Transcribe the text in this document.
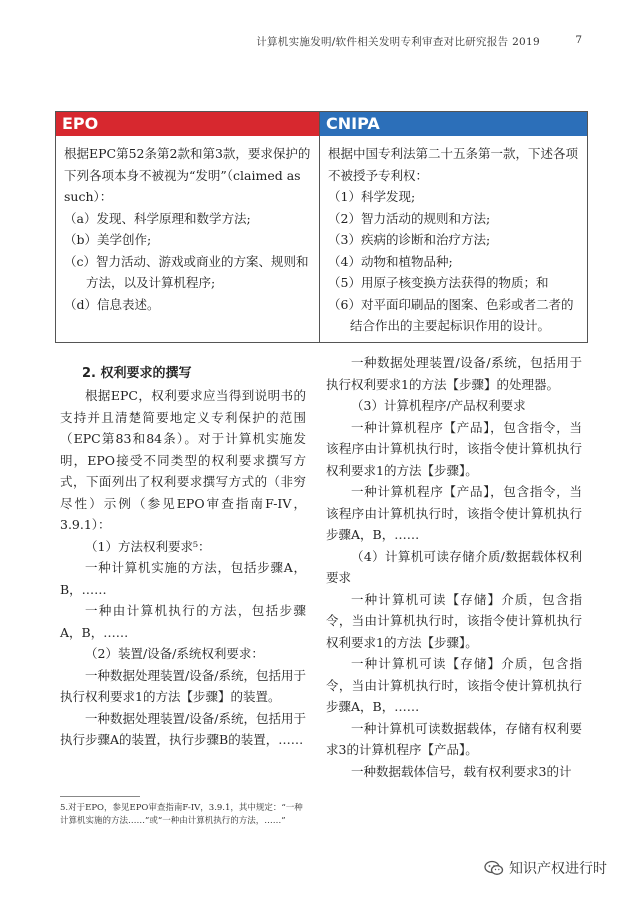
计算机实施发明/软件相关发明专利审查对比研究报告 2019	7
EPO

根据EPC第52条第2款和第3款，要求保护的下列各项本身不被视为“发明”（claimed as such）：

（a）发现、科学原理和数学方法;

（b）美学创作;

（c）智力活动、游戏或商业的方案、规则和方法，以及计算机程序;

（d）信息表述。

CNIPA

根据中国专利法第二十五条第一款，下述各项不被授予专利权：

（1）科学发现;

（2）智力活动的规则和方法;

（3）疾病的诊断和治疗方法;

（4）动物和植物品种;

（5）用原子核变换方法获得的物质；和

（6）对平面印刷品的图案、色彩或者二者的结合作出的主要起标识作用的设计。

2. 权利要求的撰写

根据EPC，权利要求应当得到说明书的支持并且清楚简要地定义专利保护的范围（EPC第83和84条）。对于计算机实施发明，EPO接受不同类型的权利要求撰写方式，下面列出了权利要求撰写方式的（非穷尽性）示例（参见EPO审查指南F-IV，3.9.1）：

（1）方法权利要求⁵：

一种计算机实施的方法，包括步骤A，B，……

一种由计算机执行的方法，包括步骤A，B，……

（2）装置/设备/系统权利要求：

一种数据处理装置/设备/系统，包括用于执行权利要求1的方法【步骤】的装置。

一种数据处理装置/设备/系统，包括用于执行步骤A的装置，执行步骤B的装置，……

5.对于EPO，参见EPO审查指南F-IV，3.9.1，其中规定：“一种计算机实施的方法……”或“一种由计算机执行的方法，……”

一种数据处理装置/设备/系统，包括用于执行权利要求1的方法【步骤】的处理器。

（3）计算机程序/产品权利要求

一种计算机程序【产品】，包含指令，当该程序由计算机执行时，该指令使计算机执行权利要求1的方法【步骤】。

一种计算机程序【产品】，包含指令，当该程序由计算机执行时，该指令使计算机执行步骤A，B，……

（4）计算机可读存储介质/数据载体权利要求

一种计算机可读【存储】介质，包含指令，当由计算机执行时，该指令使计算机执行权利要求1的方法【步骤】。

一种计算机可读【存储】介质，包含指令，当由计算机执行时，该指令使计算机执行步骤A，B，……

一种计算机可读数据载体，存储有权利要求3的计算机程序【产品】。

一种数据载体信号，载有权利要求3的计

知识产权进行时
